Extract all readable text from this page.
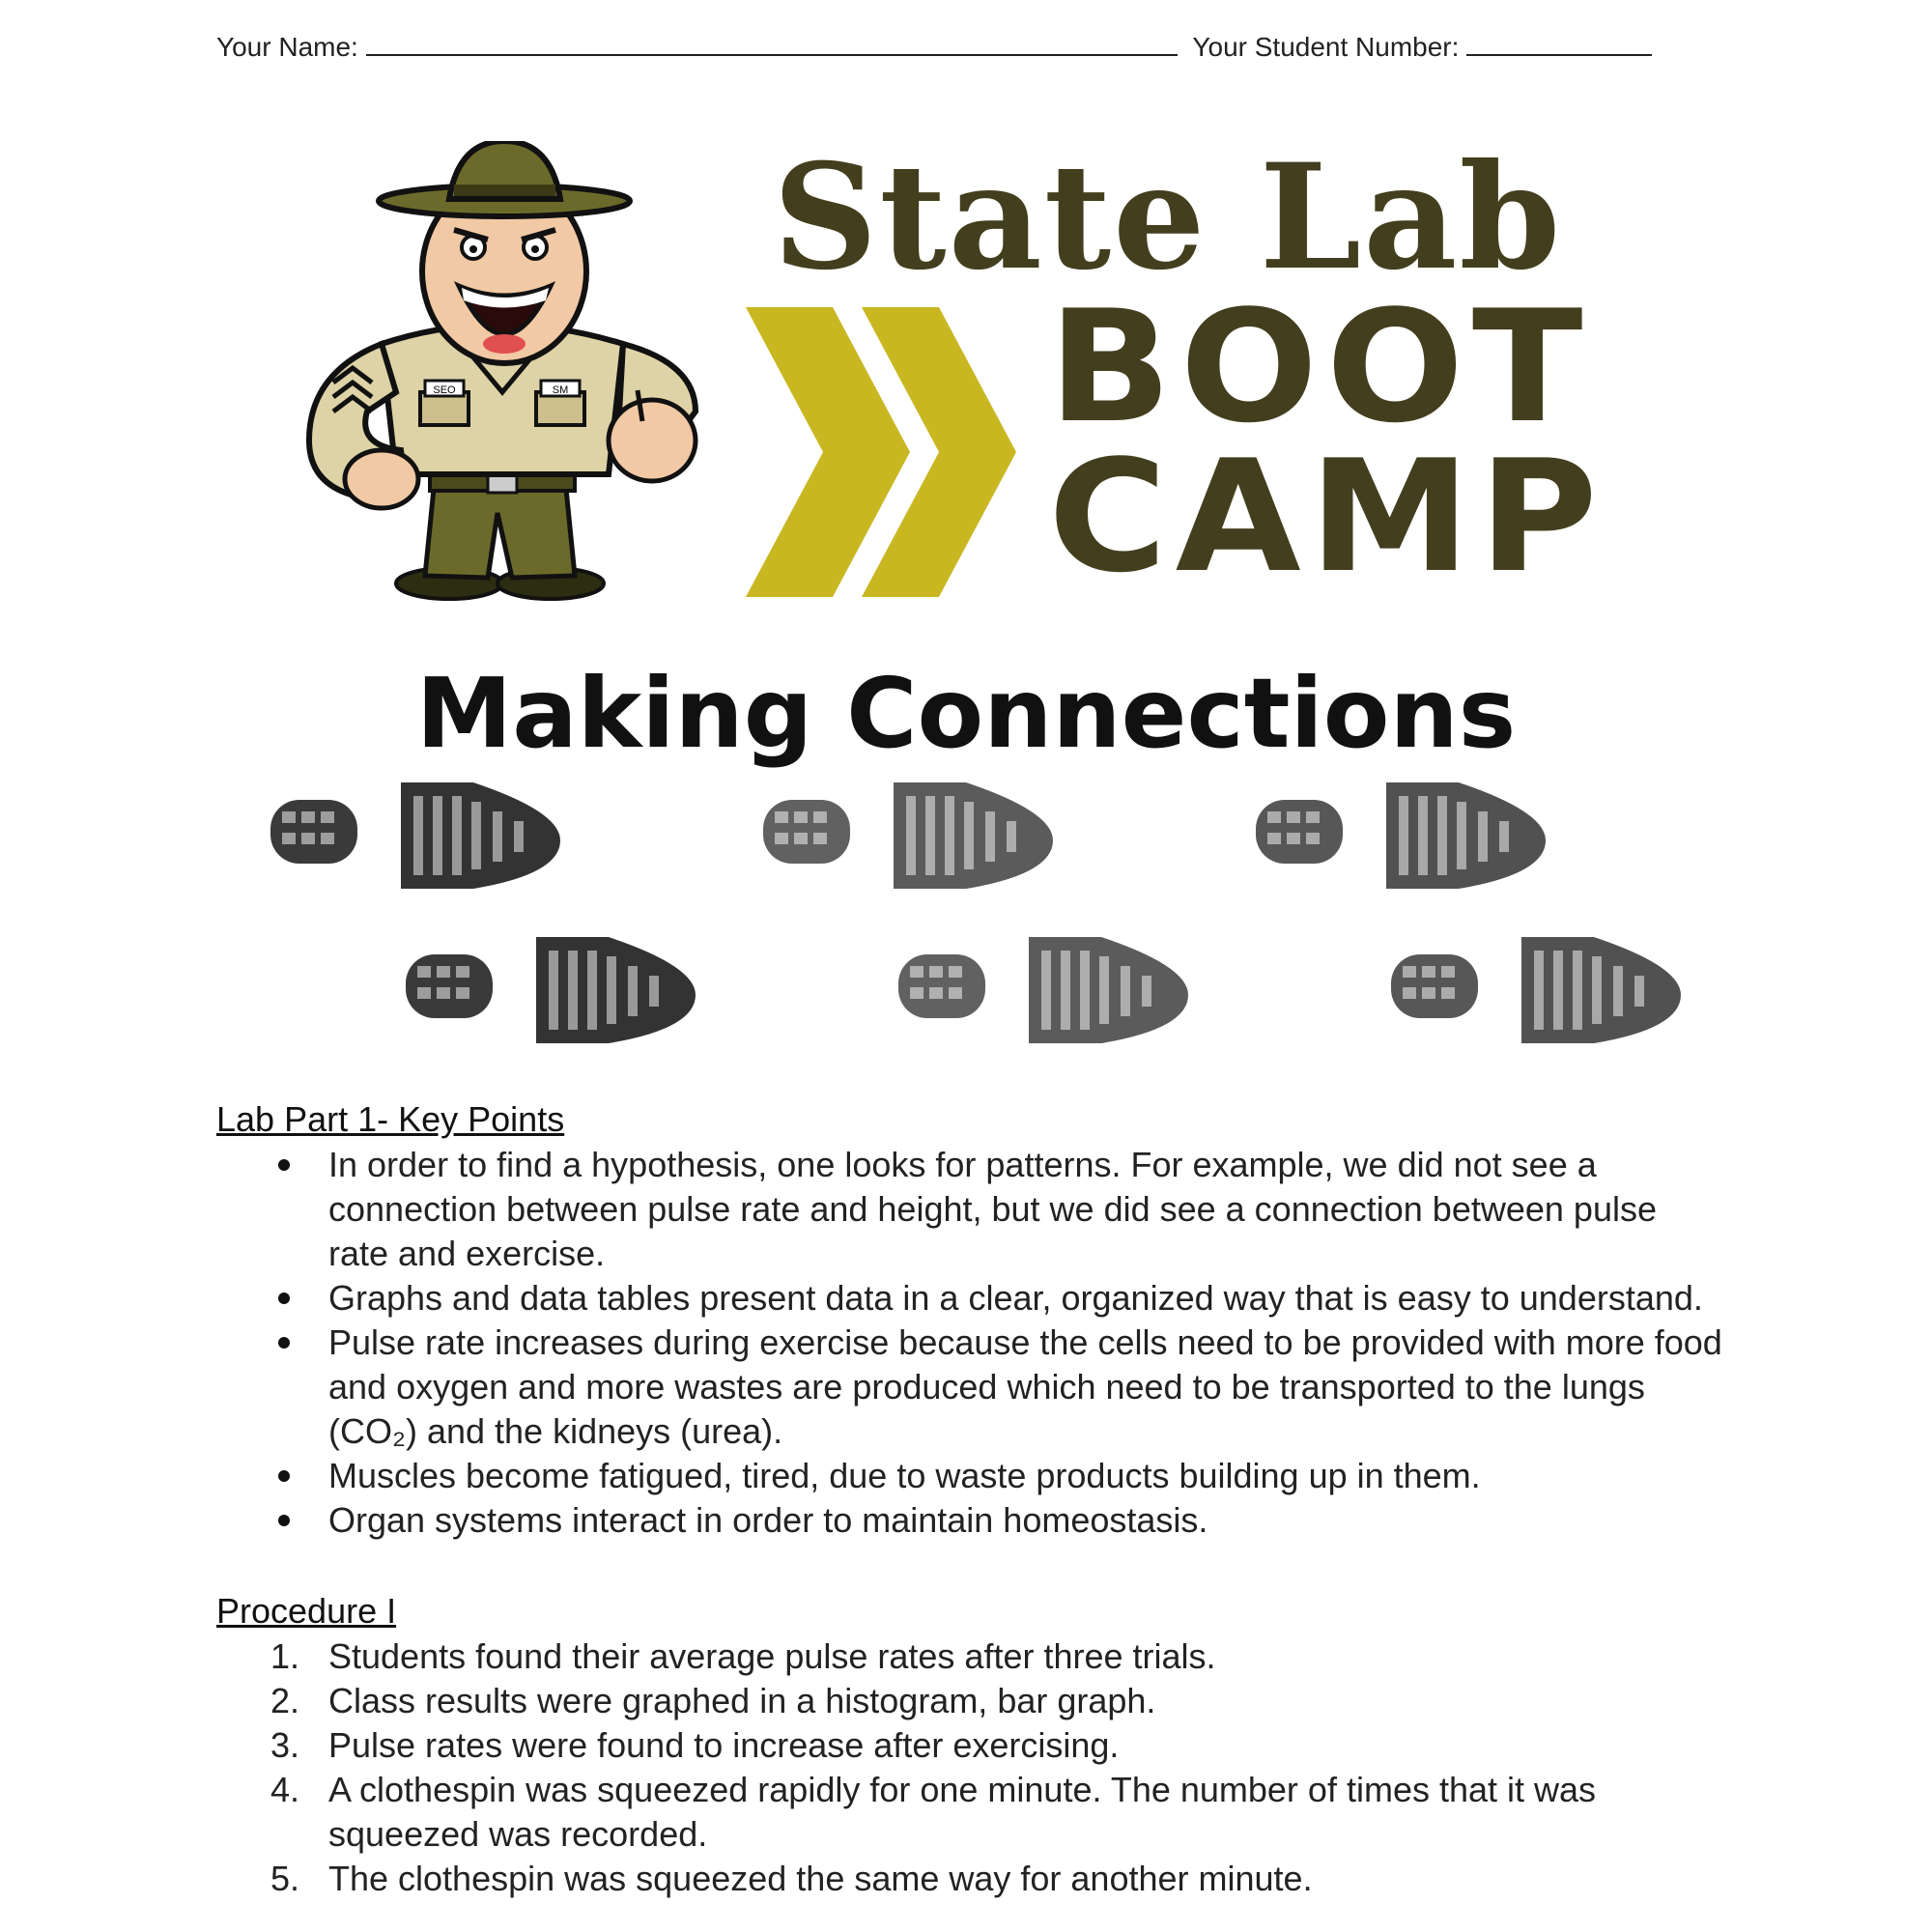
Your Name:	Your Student Number:
SEO	SM
State Lab
BOOT
CAMP
Making Connections
Lab Part 1- Key Points
In order to find a hypothesis, one looks for patterns. For example, we did not see a
connection between pulse rate and height, but we did see a connection between pulse
rate and exercise.
Graphs and data tables present data in a clear, organized way that is easy to understand.
Pulse rate increases during exercise because the cells need to be provided with more food
and oxygen and more wastes are produced which need to be transported to the lungs
(CO₂) and the kidneys (urea).
Muscles become fatigued, tired, due to waste products building up in them.
Organ systems interact in order to maintain homeostasis.
Procedure I
1. Students found their average pulse rates after three trials.
2. Class results were graphed in a histogram, bar graph.
3. Pulse rates were found to increase after exercising.
4. A clothespin was squeezed rapidly for one minute. The number of times that it was
squeezed was recorded.
5. The clothespin was squeezed the same way for another minute.
